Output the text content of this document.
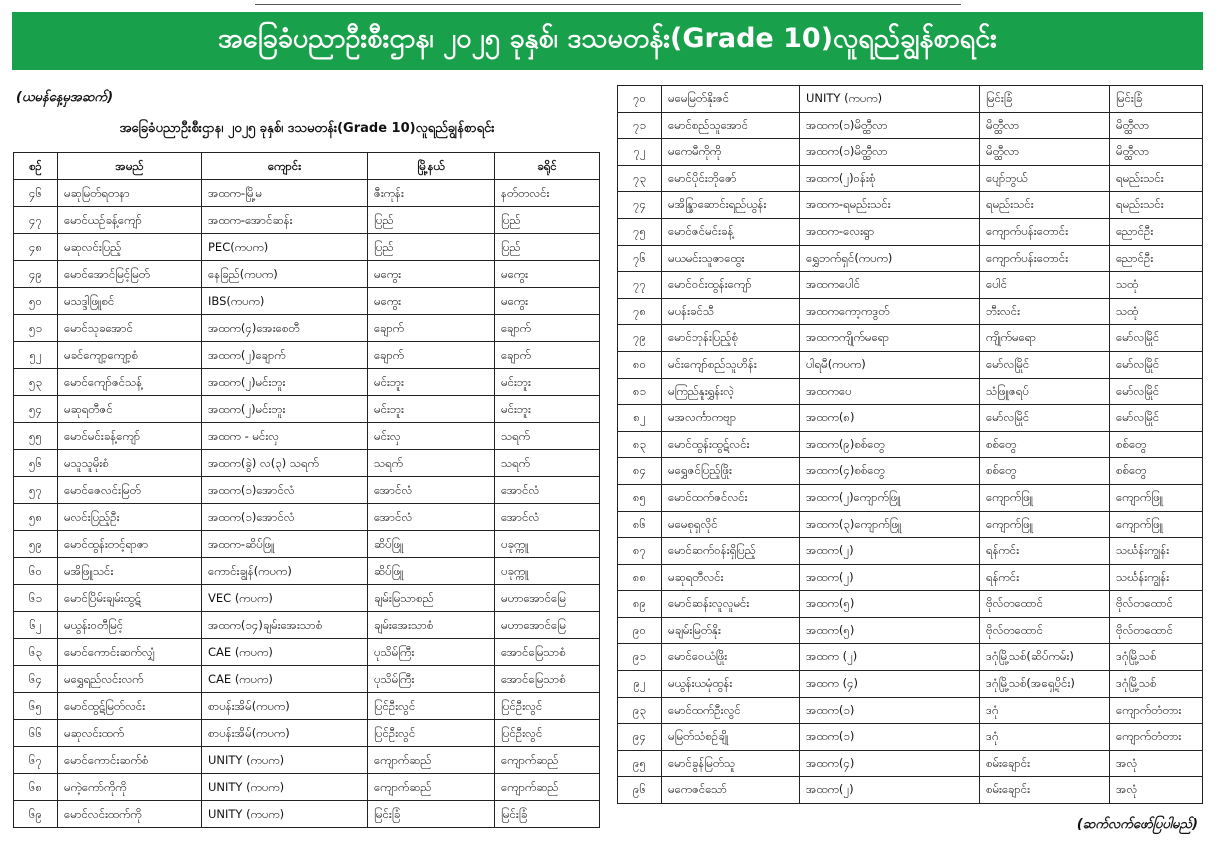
အခြေခံပညာဦးစီးဌာန၊ ၂၀၂၅ ခုနှစ်၊ ဒသမတန်း(Grade 10)လူရည်ချွန်စာရင်း
(ယမန်နေ့မှအဆက်)
အခြေခံပညာဦးစီးဌာန၊ ၂၀၂၅ ခုနှစ်၊ ဒသမတန်း(Grade 10)လူရည်ချွန်စာရင်း
စဉ်	အမည်	ကျောင်း	မြို့နယ်	ခရိုင်
၄၆	မဆုမြတ်ရတနာ	အထက-မြို့မ	ဇီးကုန်း	နတ်တလင်း
၄၇	မောင်ယဉ်ခန့်ကျော်	အထက-အောင်ဆန်း	ပြည်	ပြည်
၄၈	မဆုလင်းပြည့်	PEC(ကပက)	ပြည်	ပြည်
၄၉	မောင်အောင်မြင့်မြတ်	နေခြည်(ကပက)	မကွေး	မကွေး
၅၀	မသဒ္ဒါဖြူစင်	IBS(ကပက)	မကွေး	မကွေး
၅၁	မောင်သုခအောင်	အထက(၄)အေးစေတီ	ချောက်	ချောက်
၅၂	မခင်ကျော့ကျော့စံ	အထက(၂)ချောက်	ချောက်	ချောက်
၅၃	မောင်ကျော်ဇင်သန့်	အထက(၂)မင်းဘူး	မင်းဘူး	မင်းဘူး
၅၄	မဆုရတီဇင်	အထက(၂)မင်းဘူး	မင်းဘူး	မင်းဘူး
၅၅	မောင်မင်းခန့်ကျော်	အထက - မင်းလှ	မင်းလှ	သရက်
၅၆	မသူသူမိုးစံ	အထက(ခွဲ) လ(၃) သရက်	သရက်	သရက်
၅၇	မောင်ဇေလင်းမြတ်	အထက(၁)အောင်လံ	အောင်လံ	အောင်လံ
၅၈	မလင်းပြည့်ဦး	အထက(၁)အောင်လံ	အောင်လံ	အောင်လံ
၅၉	မောင်ထွန်းတင့်ရာဇာ	အထက-ဆိပ်ဖြူ	ဆိပ်ဖြူ	ပခုက္ကူ
၆၀	မအိဖြူသင်း	ကောင်းချွန်(ကပက)	ဆိပ်ဖြူ	ပခုက္ကူ
၆၁	မောင်ပြိမ်းချမ်းထွဋ်	VEC (ကပက)	ချမ်းမြသာစည်	မဟာအောင်မြေ
၆၂	မယွန်းဝတီမြင့်	အထက(၁၄)ချမ်းအေးသာစံ	ချမ်းအေးသာစံ	မဟာအောင်မြေ
၆၃	မောင်ကောင်းဆက်လျှံ	CAE (ကပက)	ပုသိမ်ကြီး	အောင်မြေသာစံ
၆၄	မရွှေရည်လင်းလက်	CAE (ကပက)	ပုသိမ်ကြီး	အောင်မြေသာစံ
၆၅	မောင်ထွဋ်မြတ်လင်း	စာပန်းအိမ်(ကပက)	ပြင်ဦးလွင်	ပြင်ဦးလွင်
၆၆	မဆုလင်းထက်	စာပန်းအိမ်(ကပက)	ပြင်ဦးလွင်	ပြင်ဦးလွင်
၆၇	မောင်ကောင်းဆက်စံ	UNITY (ကပက)	ကျောက်ဆည်	ကျောက်ဆည်
၆၈	မကဲ့ကော်ကိုကို	UNITY (ကပက)	ကျောက်ဆည်	ကျောက်ဆည်
၆၉	မောင်လင်းထက်ကို	UNITY (ကပက)	မြင်းခြံ	မြင်းခြံ
၇၀	မမေမြတ်နိုးဇင်	UNITY (ကပက)	မြင်းခြံ	မြင်းခြံ
၇၁	မောင်စည်သူအောင်	အထက(၁)မိတ္ထီလာ	မိတ္ထီလာ	မိတ္ထီလာ
၇၂	မကေမီကိုကို	အထက(၁)မိတ္ထီလာ	မိတ္ထီလာ	မိတ္ထီလာ
၇၃	မောင်ပိုင်းဘိုဇော်	အထက(၂)ဝန်းစုံ	ပျော်ဘွယ်	ရမည်းသင်း
၇၄	မအိန္ဒြာဆောင်းရည်ယွန်း	အထက-ရမည်းသင်း	ရမည်းသင်း	ရမည်းသင်း
၇၅	မောင်ဇင်မင်းခန့်	အထက-လေးရွာ	ကျောက်ပန်းတောင်း	ညောင်ဦး
၇၆	မယမင်းသူဇာထွေး	ရွှေဘက်ရှင်(ကပက)	ကျောက်ပန်းတောင်း	ညောင်ဦး
၇၇	မောင်ဝင်းထွန်းကျော်	အထကပေါင်	ပေါင်	သထုံ
၇၈	မပန်းခင်သီ	အထကကော့ကဒွတ်	ဘီးလင်း	သထုံ
၇၉	မောင်ဘုန်းပြည့်စုံ	အထကကျိုက်မရော	ကျိုက်မရော	မော်လမြိုင်
၈၀	မင်းကျော်စည်သူဟိန်း	ပါရမီ(ကပက)	မော်လမြိုင်	မော်လမြိုင်
၈၁	မကြည်နူးရွှန်းလဲ့	အထကပေ	သံဖြူဇရပ်	မော်လမြိုင်
၈၂	မအလင်္ကာကဗျာ	အထက(၈)	မော်လမြိုင်	မော်လမြိုင်
၈၃	မောင်ထွန်းထွဋ်လင်း	အထက(၉)စစ်တွေ	စစ်တွေ	စစ်တွေ
၈၄	မရွှေဇင်ပြည့်ဖြိုး	အထက(၄)စစ်တွေ	စစ်တွေ	စစ်တွေ
၈၅	မောင်ထက်ဇင်လင်း	အထက(၂)ကျောက်ဖြူ	ကျောက်ဖြူ	ကျောက်ဖြူ
၈၆	မမေစုရှလိုင်	အထက(၃)ကျောက်ဖြူ	ကျောက်ဖြူ	ကျောက်ဖြူ
၈၇	မောင်ဆက်ဝန်းရှိပြည့်	အထက(၂)	ရန်ကင်း	သင်္ဃန်းကျွန်း
၈၈	မဆုရတီလင်း	အထက(၂)	ရန်ကင်း	သင်္ဃန်းကျွန်း
၈၉	မောင်ဆန်းလူလူမင်း	အထက(၅)	ဗိုလ်တထောင်	ဗိုလ်တထောင်
၉၀	မချမ်းမြတ်နိုး	အထက(၅)	ဗိုလ်တထောင်	ဗိုလ်တထောင်
၉၁	မောင်ဝေယံဖြိုး	အထက (၂)	ဒဂုံမြို့သစ်(ဆိပ်ကမ်း)	ဒဂုံမြို့သစ်
၉၂	မယွန်းယမုံထွန်း	အထက (၄)	ဒဂုံမြို့သစ်(အရှေ့ပိုင်း)	ဒဂုံမြို့သစ်
၉၃	မောင်ထက်ဦးလွင်	အထက(၁)	ဒဂုံ	ကျောက်တံတား
၉၄	မမြတ်သံစဉ်ချို	အထက(၁)	ဒဂုံ	ကျောက်တံတား
၉၅	မောင်ခွန်မြတ်သူ	အထက(၄)	စမ်းချောင်း	အလုံ
၉၆	မကေဇင်သော်	အထက(၂)	စမ်းချောင်း	အလုံ
(ဆက်လက်ဖော်ပြပါမည်)
